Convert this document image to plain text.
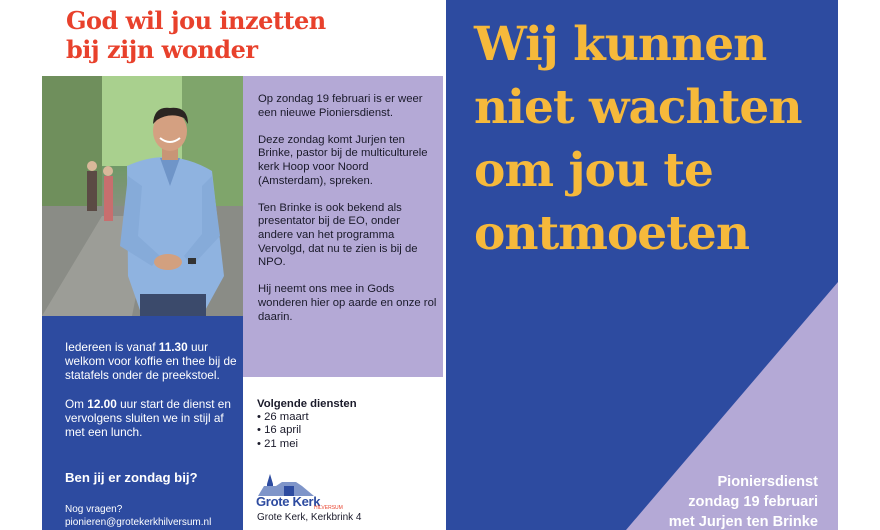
God wil jou inzetten
bij zijn wonder

Op zondag 19 februari is er weer een nieuwe Pioniersdienst.

Deze zondag komt Jurjen ten Brinke, pastor bij de multiculturele kerk Hoop voor Noord (Amsterdam), spreken.

Ten Brinke is ook bekend als presentator bij de EO, onder andere van het programma Vervolgd, dat nu te zien is bij de NPO.

Hij neemt ons mee in Gods wonderen hier op aarde en onze rol daarin.

Iedereen is vanaf 11.30 uur welkom voor koffie en thee bij de statafels onder de preekstoel.

Om 12.00 uur start de dienst en vervolgens sluiten we in stijl af met een lunch.

Ben jij er zondag bij?
Nog vragen?
pionieren@grotekerkhilversum.nl
Volgende diensten
• 26 maart
• 16 april
• 21 mei
Grote Kerk
HILVERSUM
Grote Kerk, Kerkbrink 4
Wij kunnen
niet wachten
om jou te
ontmoeten
Pioniersdienst
zondag 19 februari
met Jurjen ten Brinke
